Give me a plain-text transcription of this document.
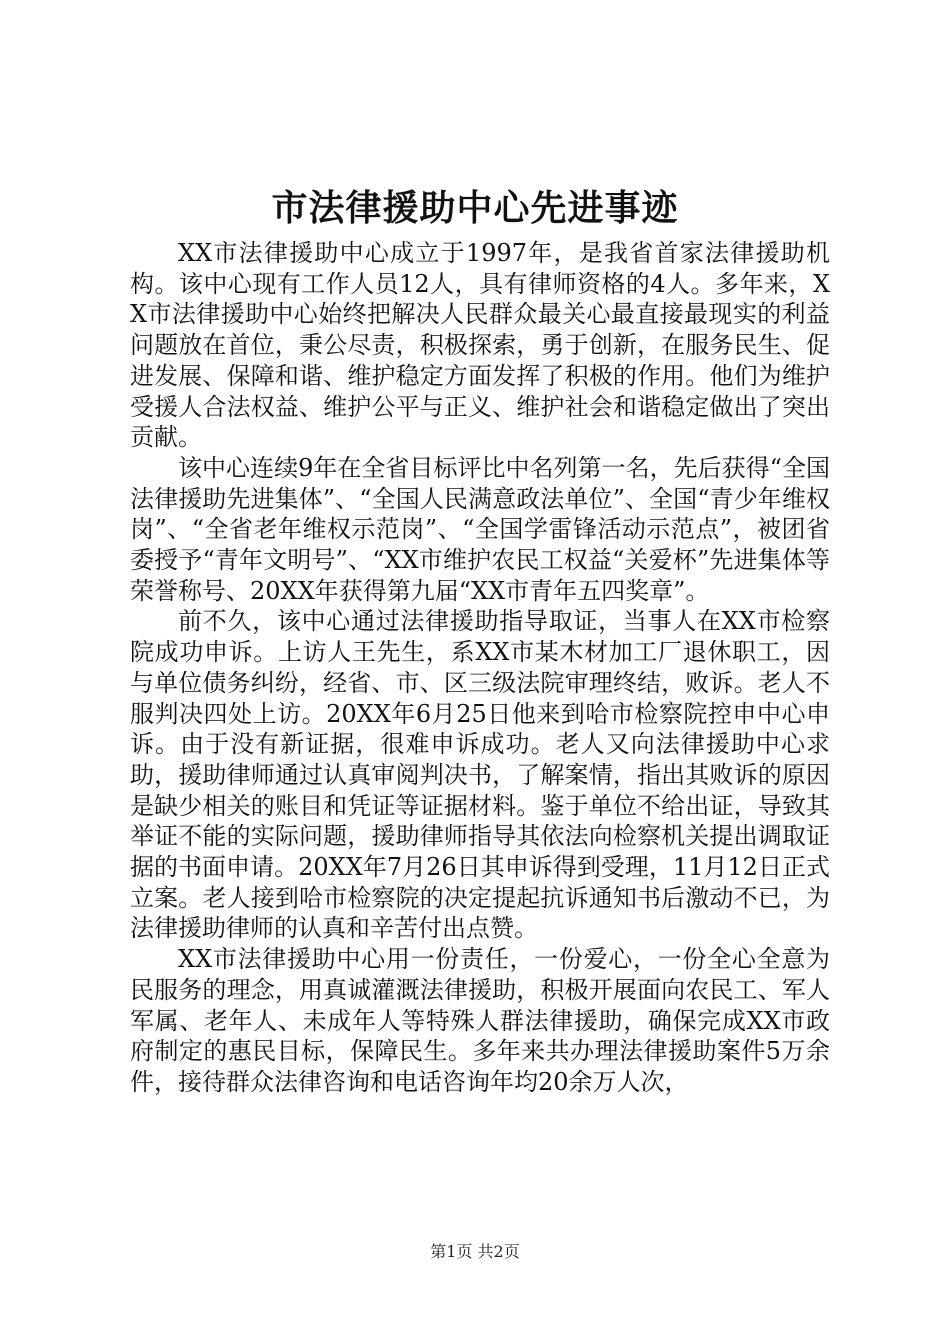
市法律援助中心先进事迹

XX市法律援助中心成立于1997年，是我省首家法律援助机构。该中心现有工作人员12人，具有律师资格的4人。多年来，XX市法律援助中心始终把解决人民群众最关心最直接最现实的利益问题放在首位，秉公尽责，积极探索，勇于创新，在服务民生、促进发展、保障和谐、维护稳定方面发挥了积极的作用。他们为维护受援人合法权益、维护公平与正义、维护社会和谐稳定做出了突出贡献。

该中心连续9年在全省目标评比中名列第一名，先后获得“全国法律援助先进集体”、“全国人民满意政法单位”、全国“青少年维权岗”、“全省老年维权示范岗”、“全国学雷锋活动示范点”，被团省委授予“青年文明号”、“XX市维护农民工权益“关爱杯”先进集体等荣誉称号、20XX年获得第九届“XX市青年五四奖章”。

前不久，该中心通过法律援助指导取证，当事人在XX市检察院成功申诉。上访人王先生，系XX市某木材加工厂退休职工，因与单位债务纠纷，经省、市、区三级法院审理终结，败诉。老人不服判决四处上访。20XX年6月25日他来到哈市检察院控申中心申诉。由于没有新证据，很难申诉成功。老人又向法律援助中心求助，援助律师通过认真审阅判决书，了解案情，指出其败诉的原因是缺少相关的账目和凭证等证据材料。鉴于单位不给出证，导致其举证不能的实际问题，援助律师指导其依法向检察机关提出调取证据的书面申请。20XX年7月26日其申诉得到受理，11月12日正式立案。老人接到哈市检察院的决定提起抗诉通知书后激动不已，为法律援助律师的认真和辛苦付出点赞。

XX市法律援助中心用一份责任，一份爱心，一份全心全意为民服务的理念，用真诚灌溉法律援助，积极开展面向农民工、军人军属、老年人、未成年人等特殊人群法律援助，确保完成XX市政府制定的惠民目标，保障民生。多年来共办理法律援助案件5万余件，接待群众法律咨询和电话咨询年均20余万人次，

第1页 共2页
